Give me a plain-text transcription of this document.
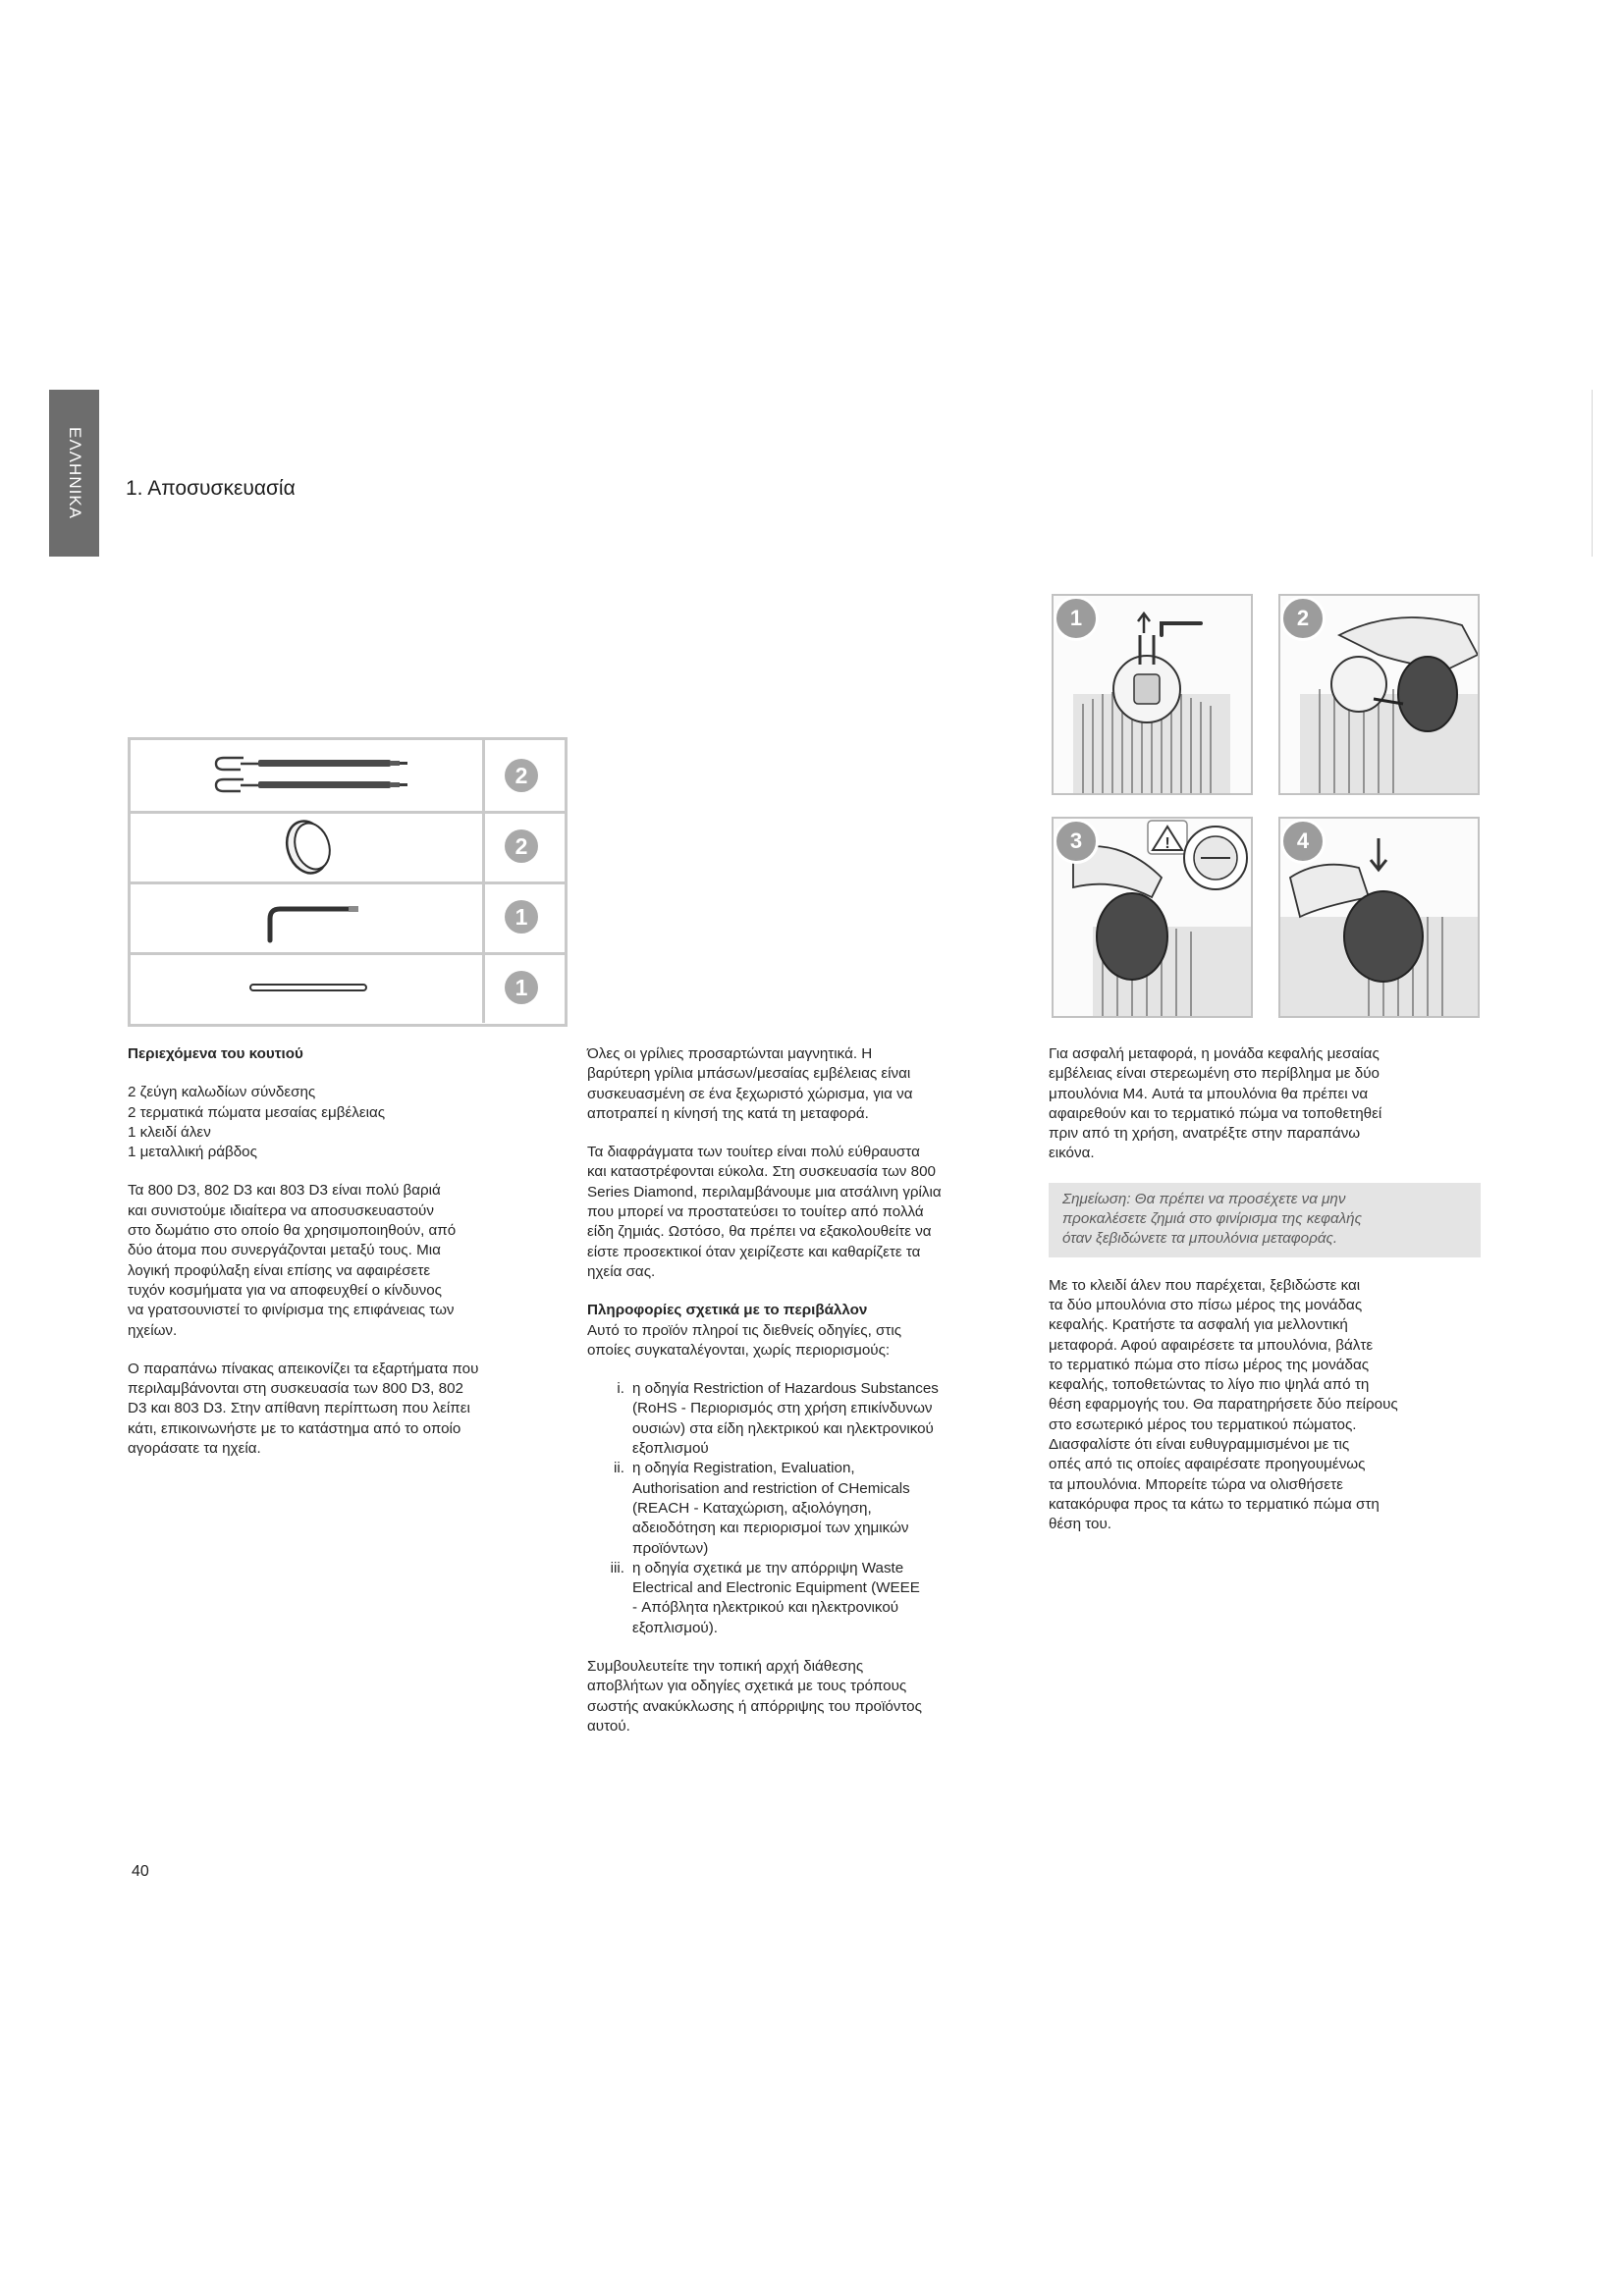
ΕΛΛΗΝΙΚΑ 1. Αποσυσκευασία
2
2
1
1
1	2
!
3	4
Περιεχόμενα του κουτιού

2 ζεύγη καλωδίων σύνδεσης
2 τερματικά πώματα μεσαίας εμβέλειας
1 κλειδί άλεν
1 μεταλλική ράβδος

Τα 800 D3, 802 D3 και 803 D3 είναι πολύ βαριά
και συνιστούμε ιδιαίτερα να αποσυσκευαστούν
στο δωμάτιο στο οποίο θα χρησιμοποιηθούν, από
δύο άτομα που συνεργάζονται μεταξύ τους. Μια
λογική προφύλαξη είναι επίσης να αφαιρέσετε
τυχόν κοσμήματα για να αποφευχθεί ο κίνδυνος
να γρατσουνιστεί το φινίρισμα της επιφάνειας των
ηχείων.

Ο παραπάνω πίνακας απεικονίζει τα εξαρτήματα που
περιλαμβάνονται στη συσκευασία των 800 D3, 802
D3 και 803 D3. Στην απίθανη περίπτωση που λείπει
κάτι, επικοινωνήστε με το κατάστημα από το οποίο
αγοράσατε τα ηχεία.

Όλες οι γρίλιες προσαρτώνται μαγνητικά. Η
βαρύτερη γρίλια μπάσων/μεσαίας εμβέλειας είναι
συσκευασμένη σε ένα ξεχωριστό χώρισμα, για να
αποτραπεί η κίνησή της κατά τη μεταφορά.

Τα διαφράγματα των τουίτερ είναι πολύ εύθραυστα
και καταστρέφονται εύκολα. Στη συσκευασία των 800
Series Diamond, περιλαμβάνουμε μια ατσάλινη γρίλια
που μπορεί να προστατεύσει το τουίτερ από πολλά
είδη ζημιάς. Ωστόσο, θα πρέπει να εξακολουθείτε να
είστε προσεκτικοί όταν χειρίζεστε και καθαρίζετε τα
ηχεία σας.

Πληροφορίες σχετικά με το περιβάλλον

Αυτό το προϊόν πληροί τις διεθνείς οδηγίες, στις
οποίες συγκαταλέγονται, χωρίς περιορισμούς:

i. η οδηγία Restriction of Hazardous Substances
(RoHS - Περιορισμός στη χρήση επικίνδυνων
ουσιών) στα είδη ηλεκτρικού και ηλεκτρονικού
εξοπλισμού
ii. η οδηγία Registration, Evaluation,
Authorisation and restriction of CHemicals
(REACH - Καταχώριση, αξιολόγηση,
αδειοδότηση και περιορισμοί των χημικών
προϊόντων)
iii. η οδηγία σχετικά με την απόρριψη Waste
Electrical and Electronic Equipment (WEEE
- Απόβλητα ηλεκτρικού και ηλεκτρονικού
εξοπλισμού).

Συμβουλευτείτε την τοπική αρχή διάθεσης
αποβλήτων για οδηγίες σχετικά με τους τρόπους
σωστής ανακύκλωσης ή απόρριψης του προϊόντος
αυτού.

Για ασφαλή μεταφορά, η μονάδα κεφαλής μεσαίας
εμβέλειας είναι στερεωμένη στο περίβλημα με δύο
μπουλόνια M4. Αυτά τα μπουλόνια θα πρέπει να
αφαιρεθούν και το τερματικό πώμα να τοποθετηθεί
πριν από τη χρήση, ανατρέξτε στην παραπάνω
εικόνα.

Σημείωση: Θα πρέπει να προσέχετε να μην
προκαλέσετε ζημιά στο φινίρισμα της κεφαλής
όταν ξεβιδώνετε τα μπουλόνια μεταφοράς.

Με το κλειδί άλεν που παρέχεται, ξεβιδώστε και
τα δύο μπουλόνια στο πίσω μέρος της μονάδας
κεφαλής. Κρατήστε τα ασφαλή για μελλοντική
μεταφορά. Αφού αφαιρέσετε τα μπουλόνια, βάλτε
το τερματικό πώμα στο πίσω μέρος της μονάδας
κεφαλής, τοποθετώντας το λίγο πιο ψηλά από τη
θέση εφαρμογής του. Θα παρατηρήσετε δύο πείρους
στο εσωτερικό μέρος του τερματικού πώματος.
Διασφαλίστε ότι είναι ευθυγραμμισμένοι με τις
οπές από τις οποίες αφαιρέσατε προηγουμένως
τα μπουλόνια. Μπορείτε τώρα να ολισθήσετε
κατακόρυφα προς τα κάτω το τερματικό πώμα στη
θέση του.

40
